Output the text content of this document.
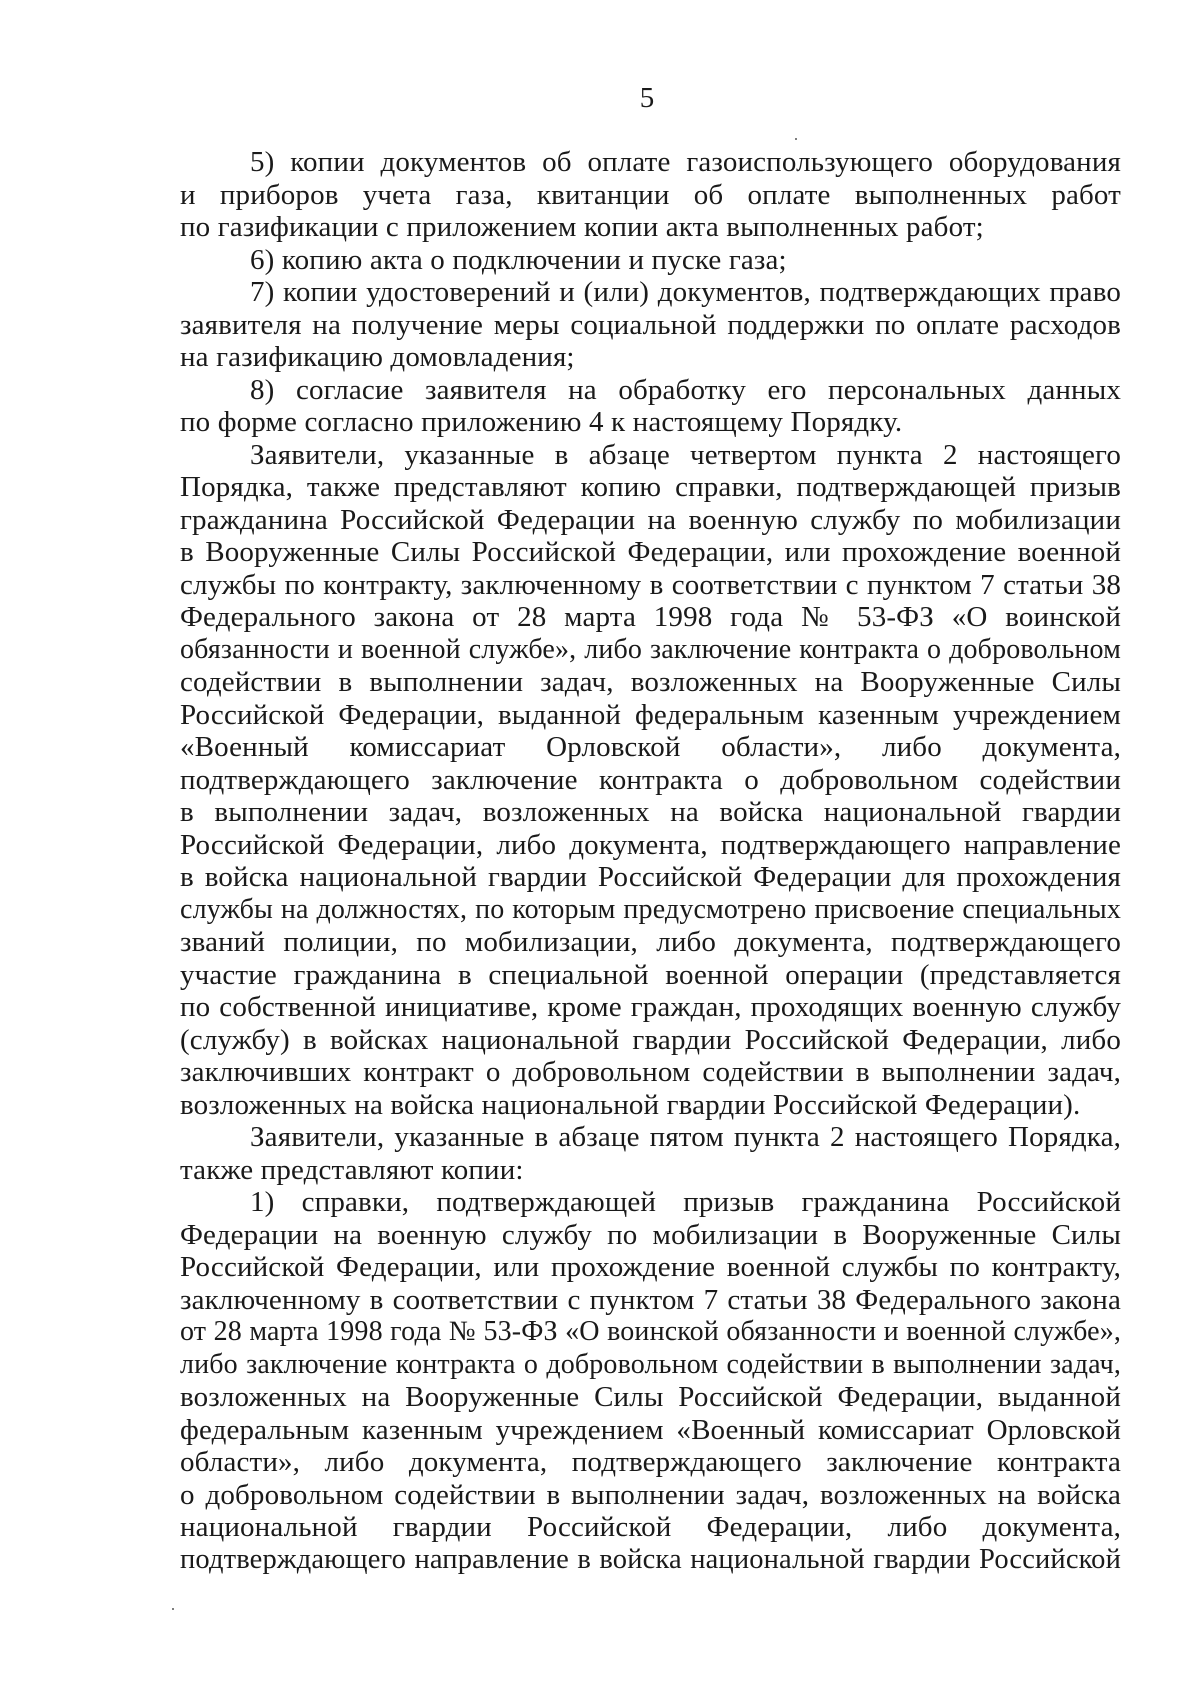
5
5) копии документов об оплате газоиспользующего оборудования
и приборов учета газа, квитанции об оплате выполненных работ
по газификации с приложением копии акта выполненных работ;
6) копию акта о подключении и пуске газа;
7) копии удостоверений и (или) документов, подтверждающих право
заявителя на получение меры социальной поддержки по оплате расходов
на газификацию домовладения;
8) согласие заявителя на обработку его персональных данных
по форме согласно приложению 4 к настоящему Порядку.
Заявители, указанные в абзаце четвертом пункта 2 настоящего
Порядка, также представляют копию справки, подтверждающей призыв
гражданина Российской Федерации на военную службу по мобилизации
в Вооруженные Силы Российской Федерации, или прохождение военной
службы по контракту, заключенному в соответствии с пунктом 7 статьи 38
Федерального закона от 28 марта 1998 года № 53-ФЗ «О воинской
обязанности и военной службе», либо заключение контракта о добровольном
содействии в выполнении задач, возложенных на Вооруженные Силы
Российской Федерации, выданной федеральным казенным учреждением
«Военный комиссариат Орловской области», либо документа,
подтверждающего заключение контракта о добровольном содействии
в выполнении задач, возложенных на войска национальной гвардии
Российской Федерации, либо документа, подтверждающего направление
в войска национальной гвардии Российской Федерации для прохождения
службы на должностях, по которым предусмотрено присвоение специальных
званий полиции, по мобилизации, либо документа, подтверждающего
участие гражданина в специальной военной операции (представляется
по собственной инициативе, кроме граждан, проходящих военную службу
(службу) в войсках национальной гвардии Российской Федерации, либо
заключивших контракт о добровольном содействии в выполнении задач,
возложенных на войска национальной гвардии Российской Федерации).
Заявители, указанные в абзаце пятом пункта 2 настоящего Порядка,
также представляют копии:
1) справки, подтверждающей призыв гражданина Российской
Федерации на военную службу по мобилизации в Вооруженные Силы
Российской Федерации, или прохождение военной службы по контракту,
заключенному в соответствии с пунктом 7 статьи 38 Федерального закона
от 28 марта 1998 года № 53-ФЗ «О воинской обязанности и военной службе»,
либо заключение контракта о добровольном содействии в выполнении задач,
возложенных на Вооруженные Силы Российской Федерации, выданной
федеральным казенным учреждением «Военный комиссариат Орловской
области», либо документа, подтверждающего заключение контракта
о добровольном содействии в выполнении задач, возложенных на войска
национальной гвардии Российской Федерации, либо документа,
подтверждающего направление в войска национальной гвардии Российской
